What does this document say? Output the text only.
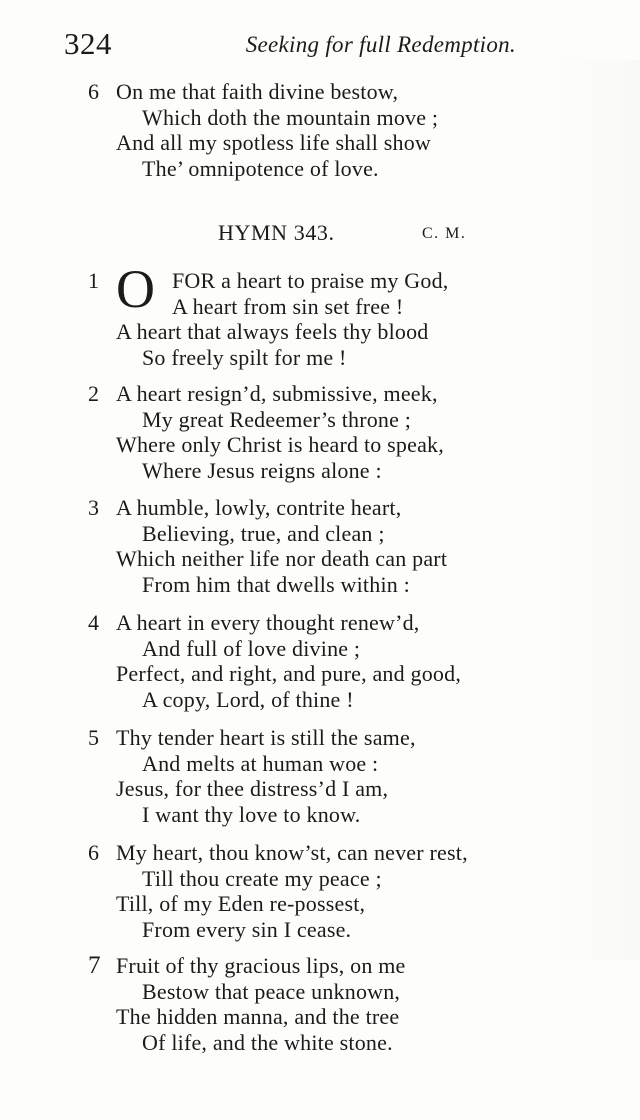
324	Seeking for full Redemption.
6 On me that faith divine bestow,
Which doth the mountain move ;
And all my spotless life shall show
The’ omnipotence of love.
HYMN 343.	C. M.
1 O FOR a heart to praise my God,
A heart from sin set free !
A heart that always feels thy blood
So freely spilt for me !
2 A heart resign’d, submissive, meek,
My great Redeemer’s throne ;
Where only Christ is heard to speak,
Where Jesus reigns alone :
3 A humble, lowly, contrite heart,
Believing, true, and clean ;
Which neither life nor death can part
From him that dwells within :
4 A heart in every thought renew’d,
And full of love divine ;
Perfect, and right, and pure, and good,
A copy, Lord, of thine !
5 Thy tender heart is still the same,
And melts at human woe :
Jesus, for thee distress’d I am,
I want thy love to know.
6 My heart, thou know’st, can never rest,
Till thou create my peace ;
Till, of my Eden re-possest,
From every sin I cease.
7 Fruit of thy gracious lips, on me
Bestow that peace unknown,
The hidden manna, and the tree
Of life, and the white stone.
